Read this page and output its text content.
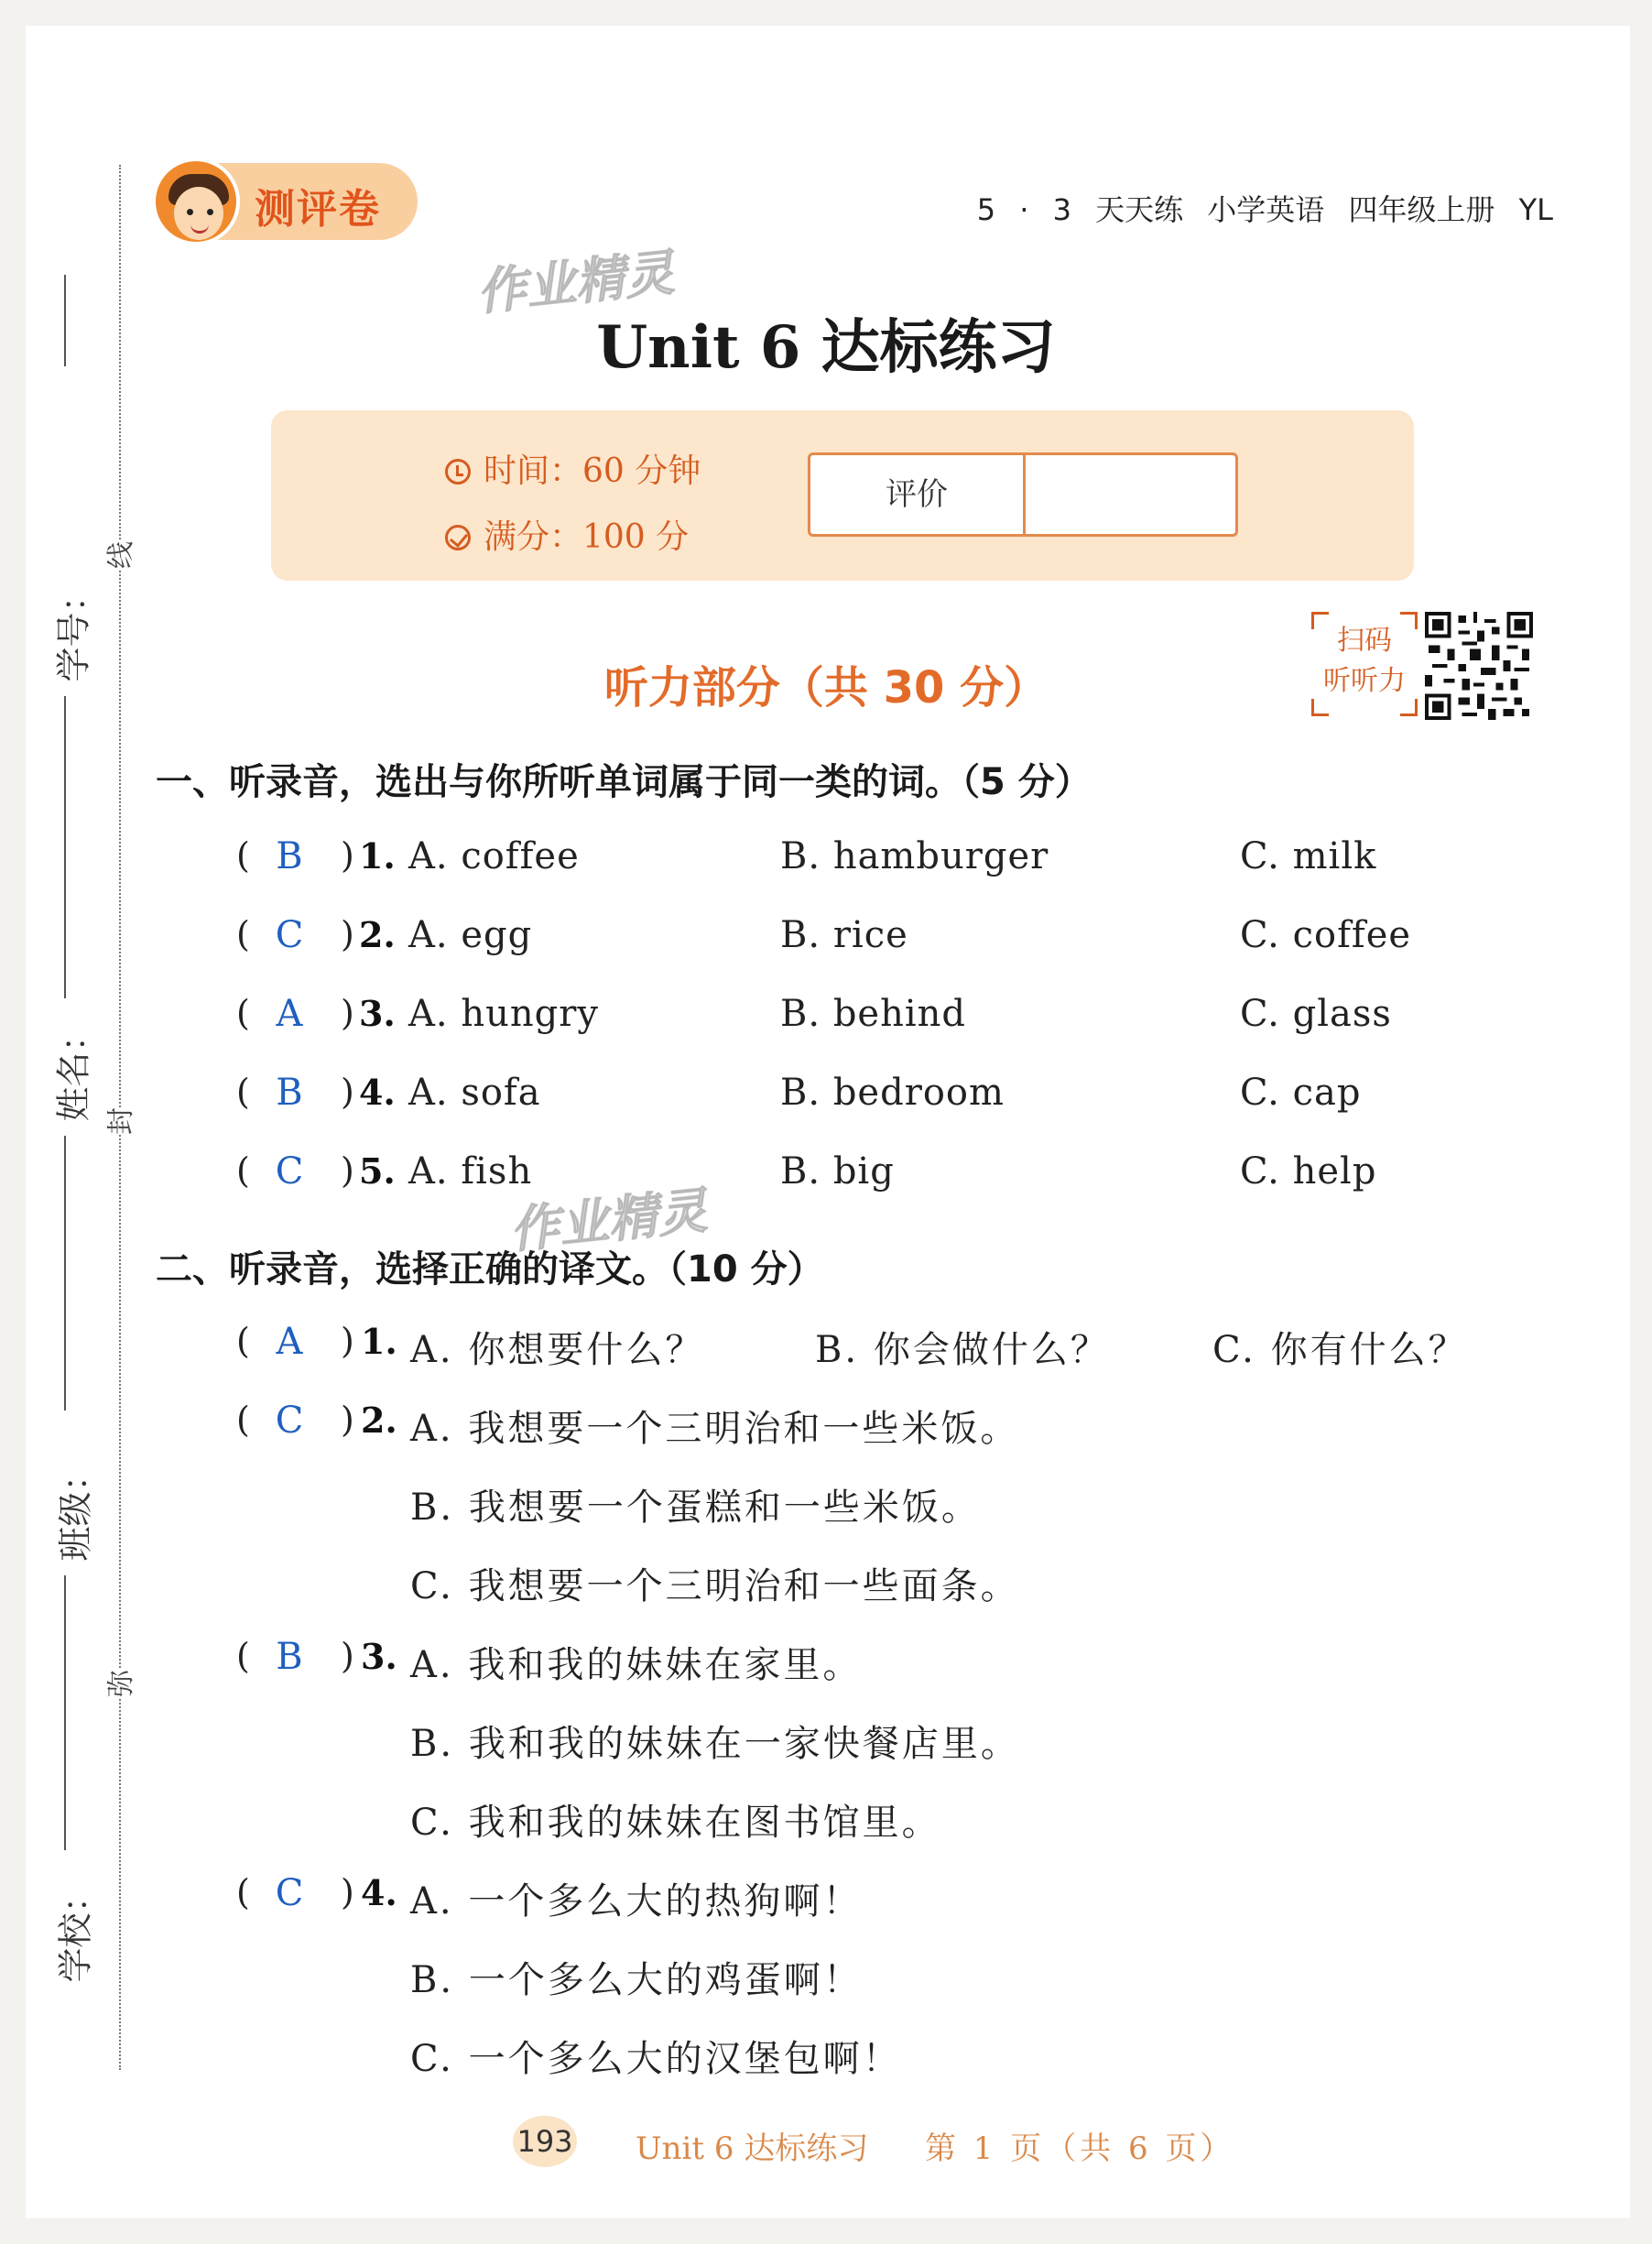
学号：
姓名：
班级：
学校：
线
封
弥
测评卷	5 · 3 天天练 小学英语 四年级上册 YL
作业精灵
Unit 6 达标练习
时间：60 分钟
满分：100 分
评价
听力部分（共 30 分）
扫码
听听力
一、听录音，选出与你所听单词属于同一类的词。（5 分）
( B ) 1. A. coffee	B. hamburger	C. milk
( C ) 2. A. egg	B. rice	C. coffee
( A ) 3. A. hungry	B. behind	C. glass
( B ) 4. A. sofa	B. bedroom	C. cap
( C ) 5. A. fish	B. big	C. help
作业精灵
二、听录音，选择正确的译文。（10 分）
( A ) 1. A. 你想要什么？	B. 你会做什么？	C. 你有什么？
( C ) 2. A. 我想要一个三明治和一些米饭。
B. 我想要一个蛋糕和一些米饭。
C. 我想要一个三明治和一些面条。
( B ) 3. A. 我和我的妹妹在家里。
B. 我和我的妹妹在一家快餐店里。
C. 我和我的妹妹在图书馆里。
( C ) 4. A. 一个多么大的热狗啊！
B. 一个多么大的鸡蛋啊！
C. 一个多么大的汉堡包啊！
193 Unit 6 达标练习 第 1 页（共 6 页）
